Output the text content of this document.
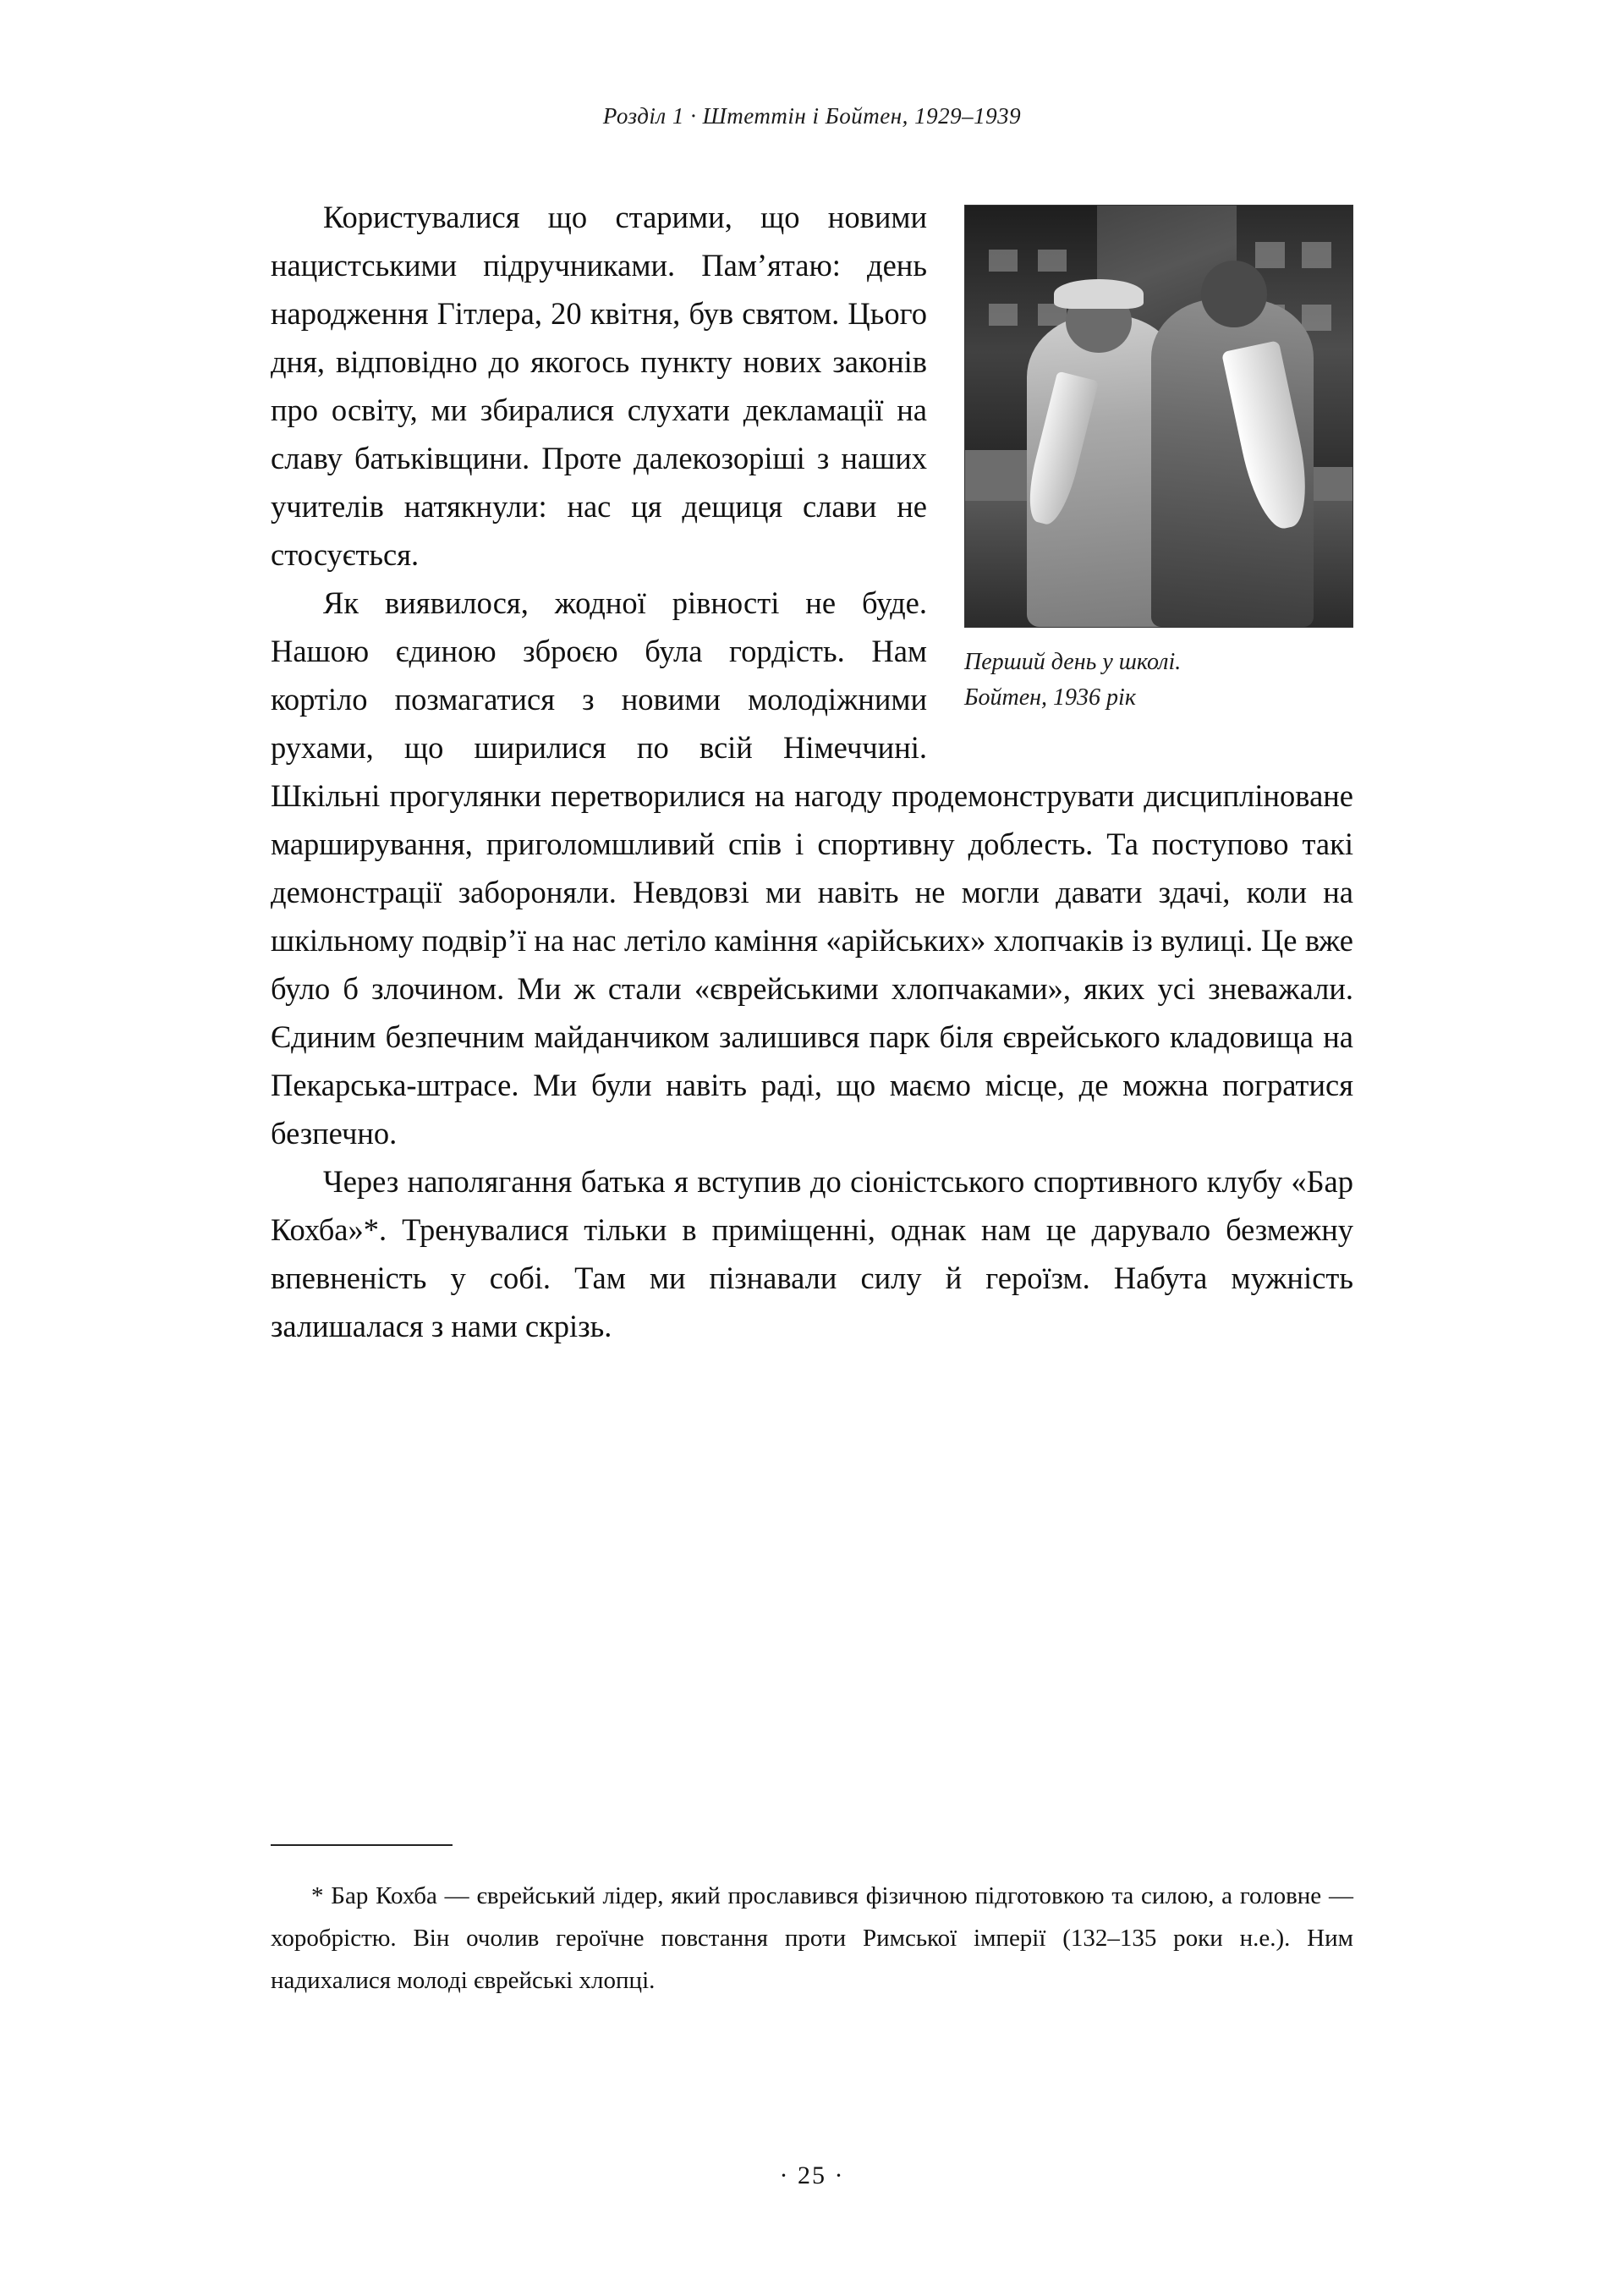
Розділ 1 · Штеттін і Бойтен, 1929–1939
Перший день у школі.
Бойтен, 1936 рік

Користувалися що старими, що новими нацистськими підручниками. Пам’ятаю: день народження Гітлера, 20 квітня, був святом. Цього дня, відповідно до якогось пункту нових законів про освіту, ми збиралися слухати декламації на славу батьківщини. Проте далекозоріші з наших учителів натякнули: нас ця дещиця слави не стосується.

Як виявилося, жодної рівності не буде. Нашою єдиною зброєю була гордість. Нам кортіло позмагатися з новими молодіжними рухами, що ширилися по всій Німеччині. Шкільні прогулянки перетворилися на нагоду продемонструвати дисципліноване марширування, приголомшливий спів і спортивну доблесть. Та поступово такі демонстрації забороняли. Невдовзі ми навіть не могли давати здачі, коли на шкільному подвір’ї на нас летіло каміння «арійських» хлопчаків із вулиці. Це вже було б злочином. Ми ж стали «єврейськими хлопчаками», яких усі зневажали. Єдиним безпечним майданчиком залишився парк біля єврейського кладовища на Пекарська-штрасе. Ми були навіть раді, що маємо місце, де можна погратися безпечно.

Через наполягання батька я вступив до сіоністського спортивного клубу «Бар Кохба»*. Тренувалися тільки в приміщенні, однак нам це дарувало безмежну впевненість у собі. Там ми пізнавали силу й героїзм. Набута мужність залишалася з нами скрізь.

* Бар Кохба — єврейський лідер, який прославився фізичною підготовкою та силою, а головне — хоробрістю. Він очолив героїчне повстання проти Римської імперії (132–135 роки н.е.). Ним надихалися молоді єврейські хлопці.
· 25 ·
